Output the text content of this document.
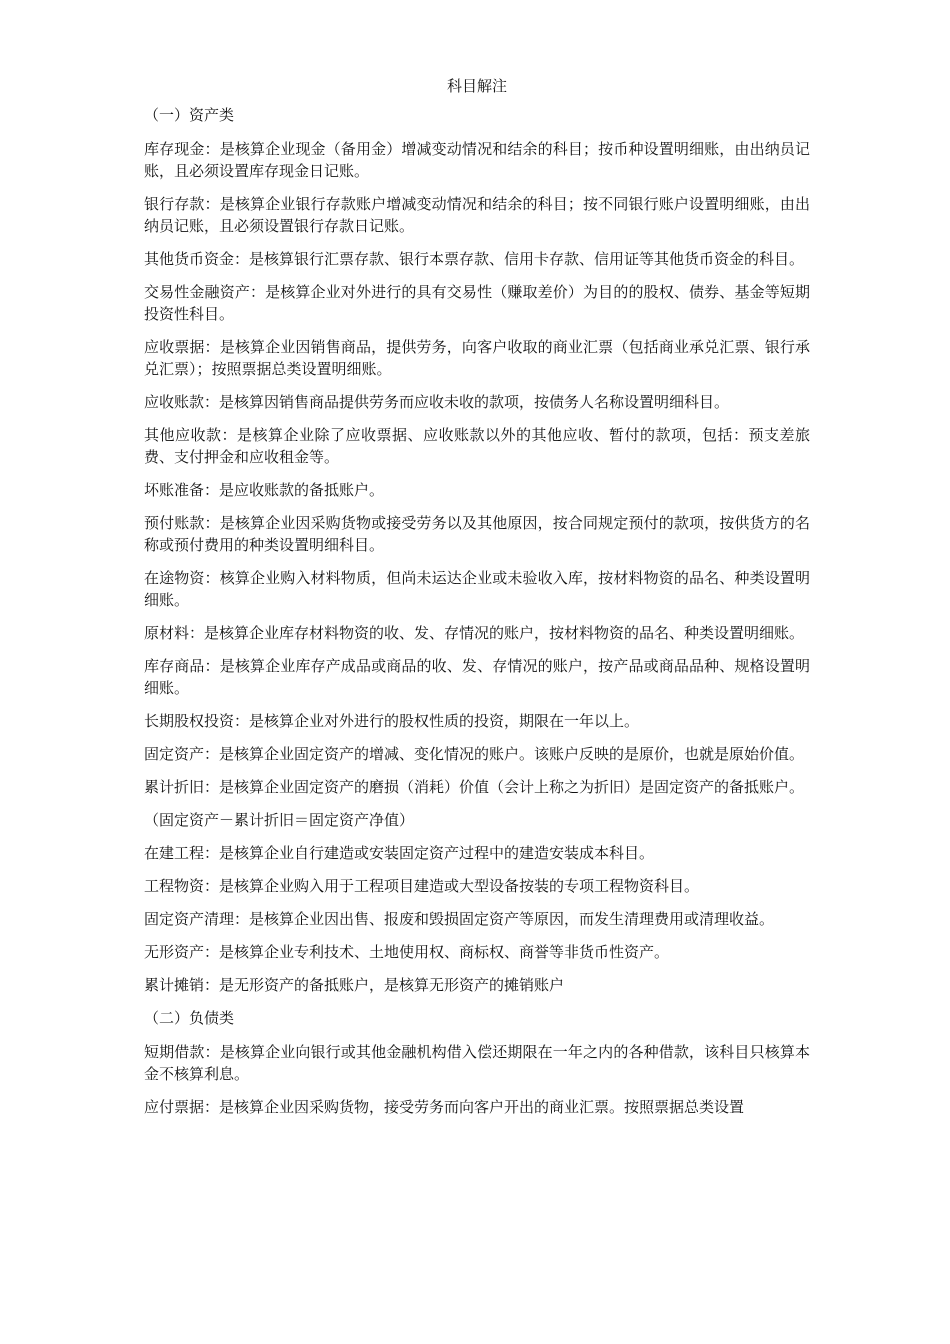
科目解注
（一）资产类

库存现金：是核算企业现金（备用金）增减变动情况和结余的科目；按币种设置明细账，由出纳员记账，且必须设置库存现金日记账。

银行存款：是核算企业银行存款账户增减变动情况和结余的科目；按不同银行账户设置明细账，由出纳员记账，且必须设置银行存款日记账。

其他货币资金：是核算银行汇票存款、银行本票存款、信用卡存款、信用证等其他货币资金的科目。

交易性金融资产：是核算企业对外进行的具有交易性（赚取差价）为目的的股权、债券、基金等短期投资性科目。

应收票据：是核算企业因销售商品，提供劳务，向客户收取的商业汇票（包括商业承兑汇票、银行承兑汇票）；按照票据总类设置明细账。

应收账款：是核算因销售商品提供劳务而应收未收的款项，按债务人名称设置明细科目。

其他应收款：是核算企业除了应收票据、应收账款以外的其他应收、暂付的款项，包括：预支差旅费、支付押金和应收租金等。

坏账准备：是应收账款的备抵账户。

预付账款：是核算企业因采购货物或接受劳务以及其他原因，按合同规定预付的款项，按供货方的名称或预付费用的种类设置明细科目。

在途物资：核算企业购入材料物质，但尚未运达企业或未验收入库，按材料物资的品名、种类设置明细账。

原材料：是核算企业库存材料物资的收、发、存情况的账户，按材料物资的品名、种类设置明细账。

库存商品：是核算企业库存产成品或商品的收、发、存情况的账户，按产品或商品品种、规格设置明细账。

长期股权投资：是核算企业对外进行的股权性质的投资，期限在一年以上。

固定资产：是核算企业固定资产的增减、变化情况的账户。该账户反映的是原价，也就是原始价值。

累计折旧：是核算企业固定资产的磨损（消耗）价值（会计上称之为折旧）是固定资产的备抵账户。

（固定资产－累计折旧＝固定资产净值）

在建工程：是核算企业自行建造或安装固定资产过程中的建造安装成本科目。

工程物资：是核算企业购入用于工程项目建造或大型设备按装的专项工程物资科目。

固定资产清理：是核算企业因出售、报废和毁损固定资产等原因，而发生清理费用或清理收益。

无形资产：是核算企业专利技术、土地使用权、商标权、商誉等非货币性资产。

累计摊销：是无形资产的备抵账户，是核算无形资产的摊销账户

（二）负债类

短期借款：是核算企业向银行或其他金融机构借入偿还期限在一年之内的各种借款，该科目只核算本金不核算利息。

应付票据：是核算企业因采购货物，接受劳务而向客户开出的商业汇票。按照票据总类设置
